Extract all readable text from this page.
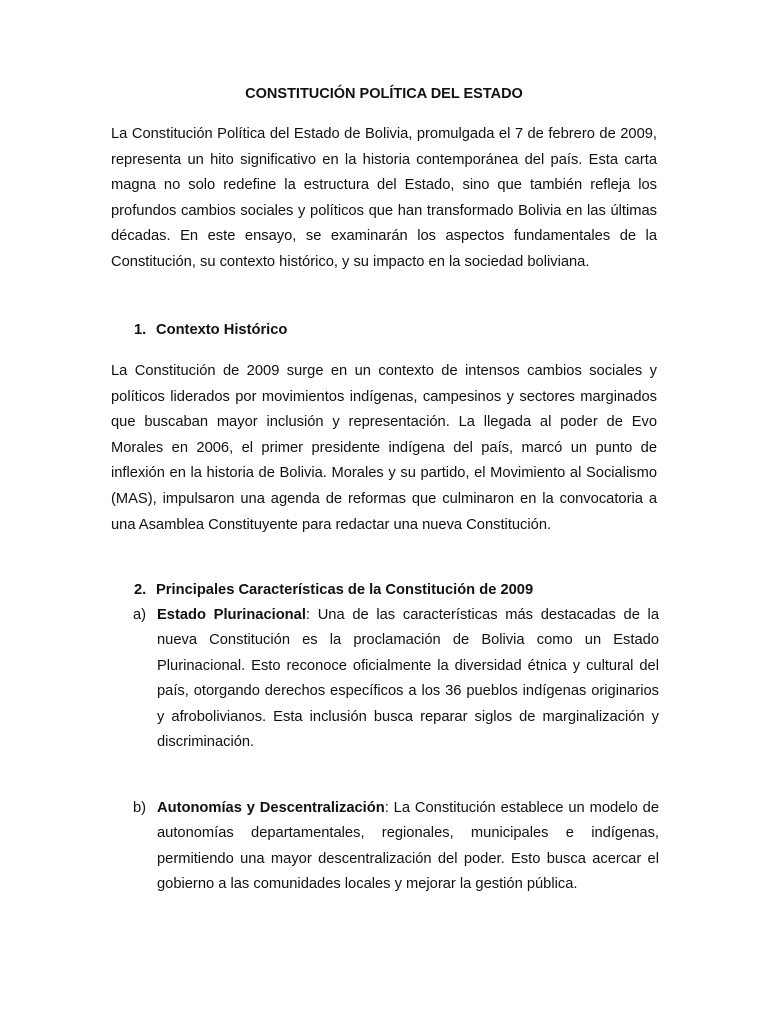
CONSTITUCIÓN POLÍTICA DEL ESTADO

La Constitución Política del Estado de Bolivia, promulgada el 7 de febrero de 2009, representa un hito significativo en la historia contemporánea del país. Esta carta magna no solo redefine la estructura del Estado, sino que también refleja los profundos cambios sociales y políticos que han transformado Bolivia en las últimas décadas. En este ensayo, se examinarán los aspectos fundamentales de la Constitución, su contexto histórico, y su impacto en la sociedad boliviana.

1. Contexto Histórico

La Constitución de 2009 surge en un contexto de intensos cambios sociales y políticos liderados por movimientos indígenas, campesinos y sectores marginados que buscaban mayor inclusión y representación. La llegada al poder de Evo Morales en 2006, el primer presidente indígena del país, marcó un punto de inflexión en la historia de Bolivia. Morales y su partido, el Movimiento al Socialismo (MAS), impulsaron una agenda de reformas que culminaron en la convocatoria a una Asamblea Constituyente para redactar una nueva Constitución.

2. Principales Características de la Constitución de 2009
a) Estado Plurinacional: Una de las características más destacadas de la nueva Constitución es la proclamación de Bolivia como un Estado Plurinacional. Esto reconoce oficialmente la diversidad étnica y cultural del país, otorgando derechos específicos a los 36 pueblos indígenas originarios y afrobolivianos. Esta inclusión busca reparar siglos de marginalización y discriminación.
b) Autonomías y Descentralización: La Constitución establece un modelo de autonomías departamentales, regionales, municipales e indígenas, permitiendo una mayor descentralización del poder. Esto busca acercar el gobierno a las comunidades locales y mejorar la gestión pública.
